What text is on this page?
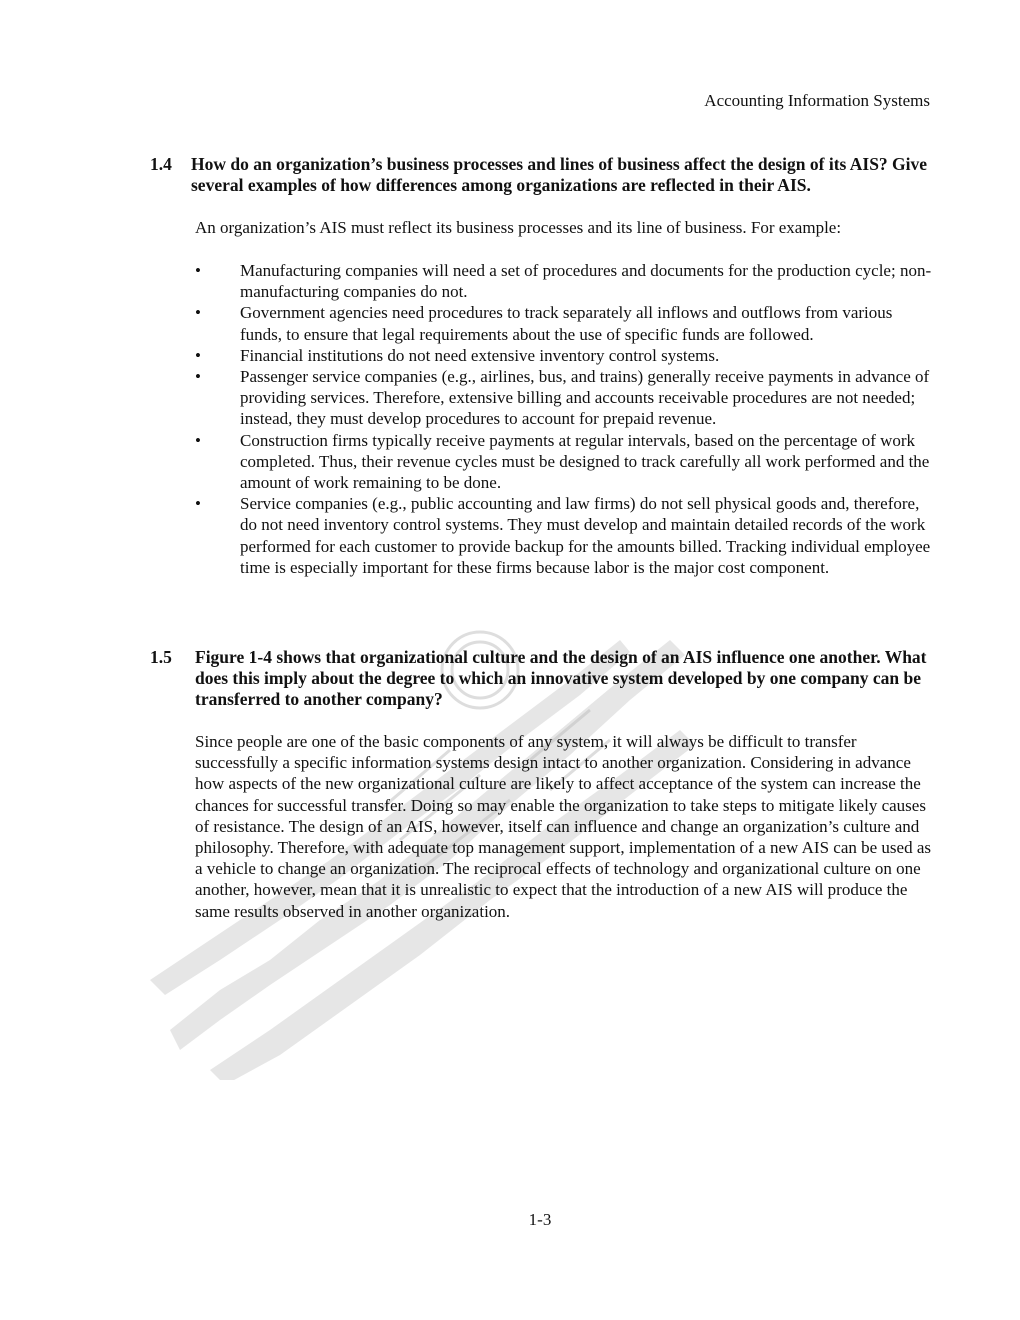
Accounting Information Systems
1.4 How do an organization’s business processes and lines of business affect the design of its AIS? Give several examples of how differences among organizations are reflected in their AIS.
An organization’s AIS must reflect its business processes and its line of business. For example:
•	Manufacturing companies will need a set of procedures and documents for the production cycle; non-manufacturing companies do not.
•	Government agencies need procedures to track separately all inflows and outflows from various funds, to ensure that legal requirements about the use of specific funds are followed.
•	Financial institutions do not need extensive inventory control systems.
•	Passenger service companies (e.g., airlines, bus, and trains) generally receive payments in advance of providing services. Therefore, extensive billing and accounts receivable procedures are not needed; instead, they must develop procedures to account for prepaid revenue.
•	Construction firms typically receive payments at regular intervals, based on the percentage of work completed. Thus, their revenue cycles must be designed to track carefully all work performed and the amount of work remaining to be done.
•	Service companies (e.g., public accounting and law firms) do not sell physical goods and, therefore, do not need inventory control systems. They must develop and maintain detailed records of the work performed for each customer to provide backup for the amounts billed. Tracking individual employee time is especially important for these firms because labor is the major cost component.
1.5 Figure 1-4 shows that organizational culture and the design of an AIS influence one another. What does this imply about the degree to which an innovative system developed by one company can be transferred to another company?
Since people are one of the basic components of any system, it will always be difficult to transfer successfully a specific information systems design intact to another organization. Considering in advance how aspects of the new organizational culture are likely to affect acceptance of the system can increase the chances for successful transfer. Doing so may enable the organization to take steps to mitigate likely causes of resistance. The design of an AIS, however, itself can influence and change an organization’s culture and philosophy. Therefore, with adequate top management support, implementation of a new AIS can be used as a vehicle to change an organization. The reciprocal effects of technology and organizational culture on one another, however, mean that it is unrealistic to expect that the introduction of a new AIS will produce the same results observed in another organization.
1-3
